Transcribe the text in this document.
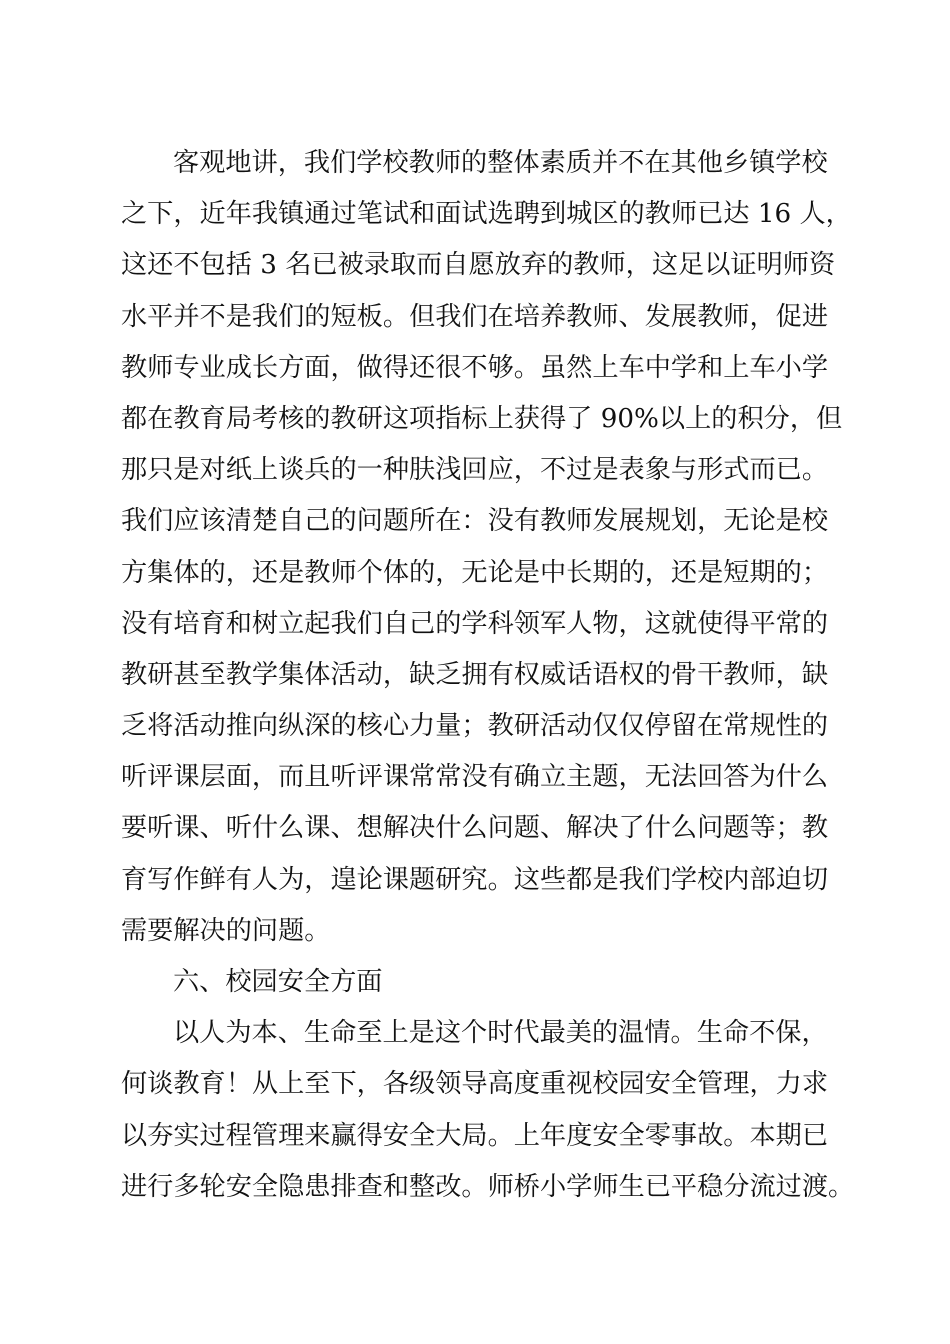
客观地讲，我们学校教师的整体素质并不在其他乡镇学校
之下，近年我镇通过笔试和面试选聘到城区的教师已达 16 人，
这还不包括 3 名已被录取而自愿放弃的教师，这足以证明师资
水平并不是我们的短板。但我们在培养教师、发展教师，促进
教师专业成长方面，做得还很不够。虽然上车中学和上车小学
都在教育局考核的教研这项指标上获得了 90%以上的积分，但
那只是对纸上谈兵的一种肤浅回应，不过是表象与形式而已。
我们应该清楚自己的问题所在：没有教师发展规划，无论是校
方集体的，还是教师个体的，无论是中长期的，还是短期的；
没有培育和树立起我们自己的学科领军人物，这就使得平常的
教研甚至教学集体活动，缺乏拥有权威话语权的骨干教师，缺
乏将活动推向纵深的核心力量；教研活动仅仅停留在常规性的
听评课层面，而且听评课常常没有确立主题，无法回答为什么
要听课、听什么课、想解决什么问题、解决了什么问题等；教
育写作鲜有人为，遑论课题研究。这些都是我们学校内部迫切
需要解决的问题。
六、校园安全方面
以人为本、生命至上是这个时代最美的温情。生命不保，
何谈教育！从上至下，各级领导高度重视校园安全管理，力求
以夯实过程管理来赢得安全大局。上年度安全零事故。本期已
进行多轮安全隐患排查和整改。师桥小学师生已平稳分流过渡。
